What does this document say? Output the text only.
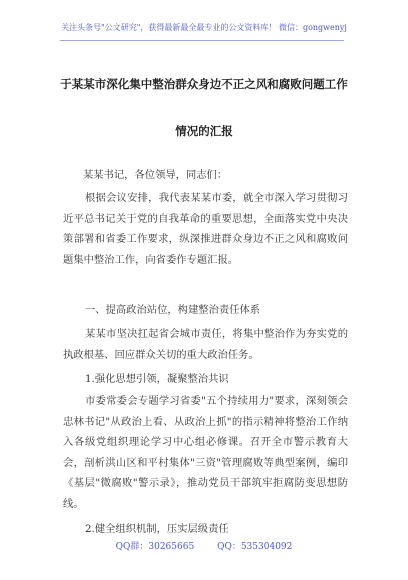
关注头条号"公文研究"，获得最新最全最专业的公文资料库！ 微信：gongwenyj
于某某市深化集中整治群众身边不正之风和腐败问题工作
情况的汇报
某某书记，各位领导，同志们：
根据会议安排，我代表某某市委，就全市深入学习贯彻习近平总书记关于党的自我革命的重要思想，全面落实党中央决策部署和省委工作要求，纵深推进群众身边不正之风和腐败问题集中整治工作，向省委作专题汇报。
一、提高政治站位，构建整治责任体系
某某市坚决扛起省会城市责任，将集中整治作为夯实党的执政根基、回应群众关切的重大政治任务。
1.强化思想引领，凝聚整治共识
市委常委会专题学习省委"五个持续用力"要求，深刻领会忠林书记"从政治上看、从政治上抓"的指示精神将整治工作纳入各级党组织理论学习中心组必修课。召开全市警示教育大会，剖析洪山区和平村集体"三资"管理腐败等典型案例，编印《基层"微腐败"警示录》，推动党员干部筑牢拒腐防变思想防线。
2.健全组织机制，压实层级责任
QQ群：30265665	QQ：535304092
